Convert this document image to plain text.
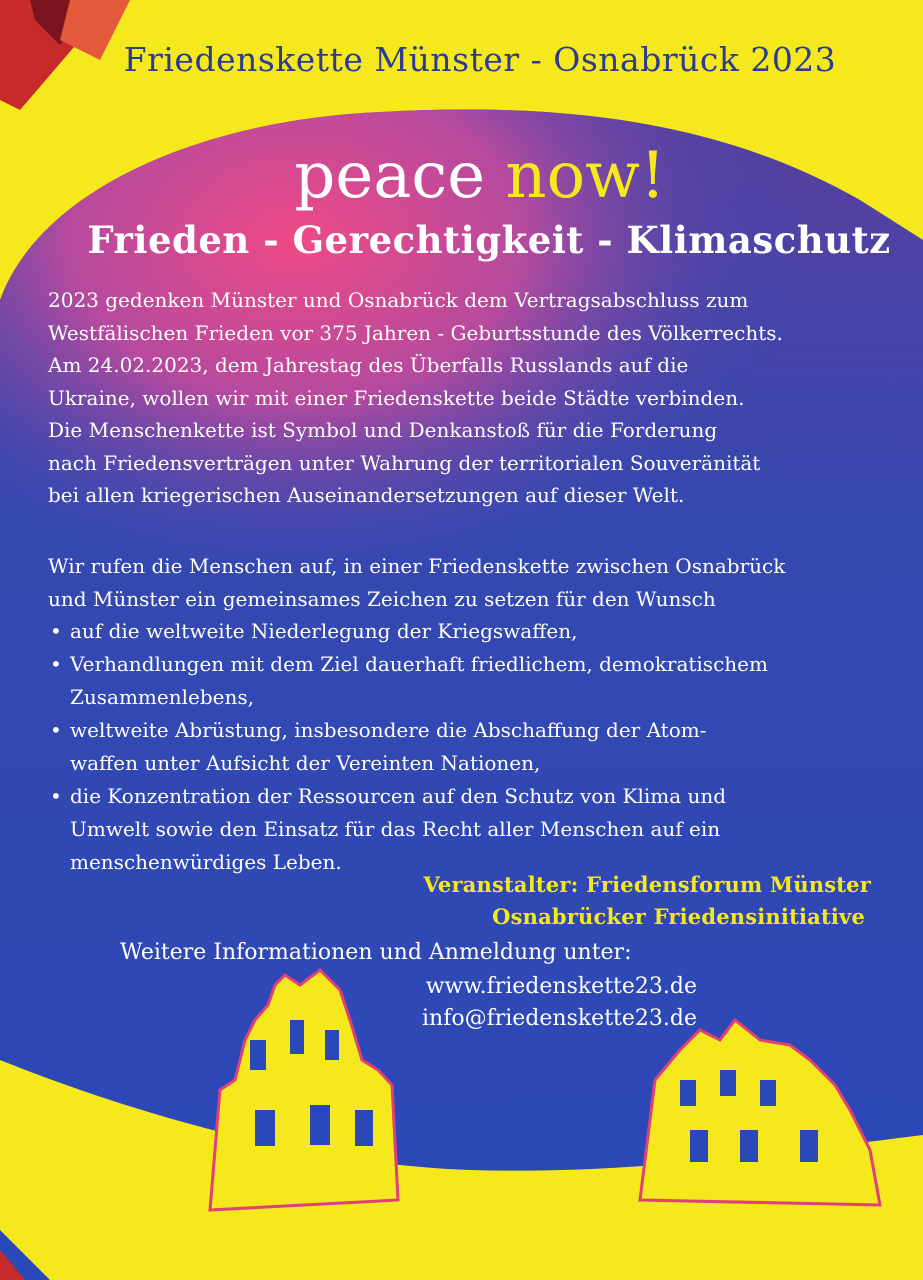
Friedenskette Münster - Osnabrück 2023
peace now!
Frieden - Gerechtigkeit - Klimaschutz
2023 gedenken Münster und Osnabrück dem Vertragsabschluss zum
Westfälischen Frieden vor 375 Jahren - Geburtsstunde des Völkerrechts.
Am 24.02.2023, dem Jahrestag des Überfalls Russlands auf die
Ukraine, wollen wir mit einer Friedenskette beide Städte verbinden.
Die Menschenkette ist Symbol und Denkanstoß für die Forderung
nach Friedensverträgen unter Wahrung der territorialen Souveränität
bei allen kriegerischen Auseinandersetzungen auf dieser Welt.
Wir rufen die Menschen auf, in einer Friedenskette zwischen Osnabrück
und Münster ein gemeinsames Zeichen zu setzen für den Wunsch
• auf die weltweite Niederlegung der Kriegswaffen,
• Verhandlungen mit dem Ziel dauerhaft friedlichem, demokratischem
Zusammenlebens,
• weltweite Abrüstung, insbesondere die Abschaffung der Atom-
waffen unter Aufsicht der Vereinten Nationen,
• die Konzentration der Ressourcen auf den Schutz von Klima und
Umwelt sowie den Einsatz für das Recht aller Menschen auf ein
menschenwürdiges Leben.
Veranstalter: Friedensforum Münster
Osnabrücker Friedensinitiative
Weitere Informationen und Anmeldung unter:
www.friedenskette23.de
info@friedenskette23.de
